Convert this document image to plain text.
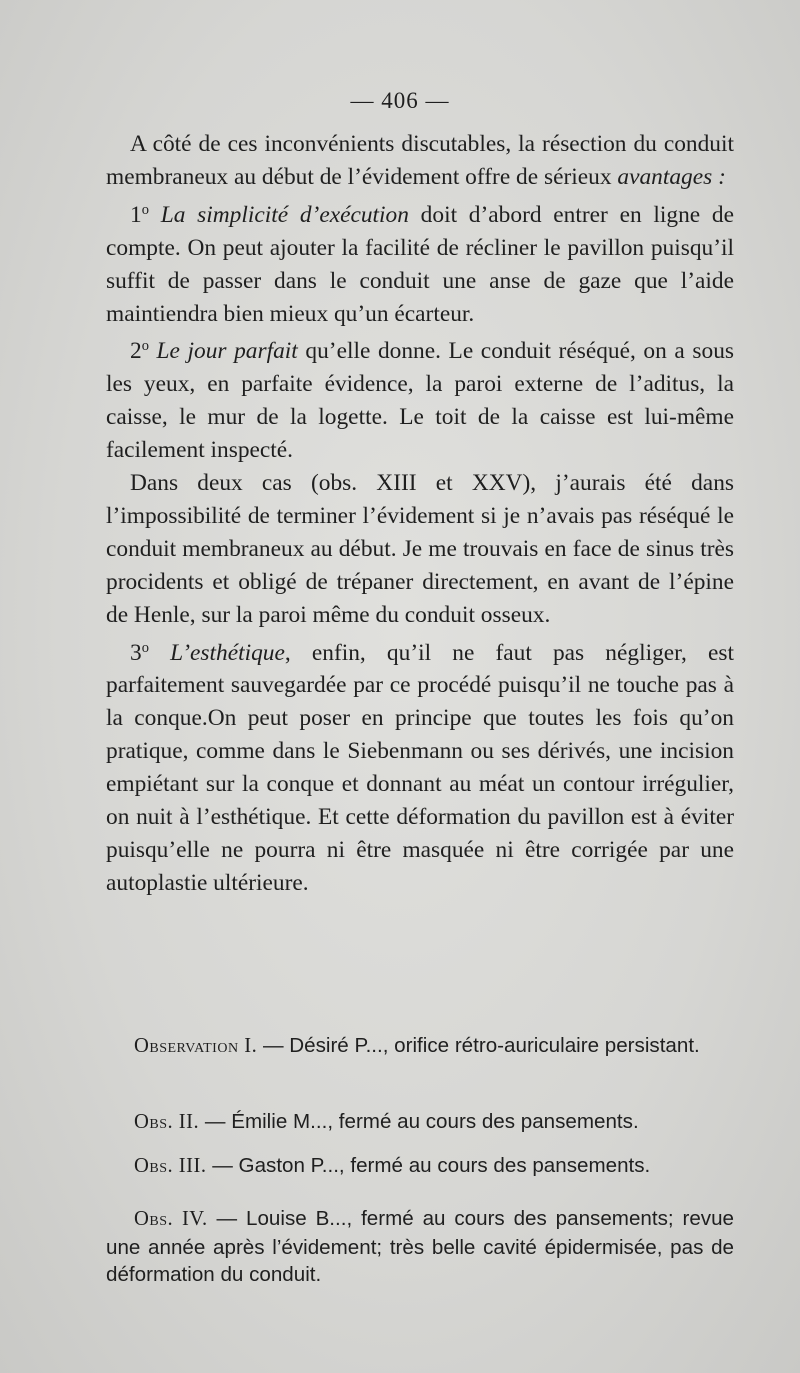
— 406 —

A côté de ces inconvénients discutables, la résection du conduit membraneux au début de l’évidement offre de sérieux avantages :

1$^o$ La simplicité d’exécution doit d’abord entrer en ligne de compte. On peut ajouter la facilité de récliner le pavillon puisqu’il suffit de passer dans le conduit une anse de gaze que l’aide maintiendra bien mieux qu’un écarteur.

2$^o$ Le jour parfait qu’elle donne. Le conduit réséqué, on a sous les yeux, en parfaite évidence, la paroi externe de l’aditus, la caisse, le mur de la logette. Le toit de la caisse est lui-même facilement inspecté.

Dans deux cas (obs. XIII et XXV), j’aurais été dans l’impossibilité de terminer l’évidement si je n’avais pas réséqué le conduit membraneux au début. Je me trouvais en face de sinus très procidents et obligé de trépaner directement, en avant de l’épine de Henle, sur la paroi même du conduit osseux.

3$^o$ L’esthétique, enfin, qu’il ne faut pas négliger, est parfaitement sauvegardée par ce procédé puisqu’il ne touche pas à la conque.On peut poser en principe que toutes les fois qu’on pratique, comme dans le Siebenmann ou ses dérivés, une incision empiétant sur la conque et donnant au méat un contour irrégulier, on nuit à l’esthétique. Et cette déformation du pavillon est à éviter puisqu’elle ne pourra ni être masquée ni être corrigée par une autoplastie ultérieure.

Observation I. — Désiré P..., orifice rétro-auriculaire persistant.

Obs. II. — Émilie M..., fermé au cours des pansements.

Obs. III. — Gaston P..., fermé au cours des pansements.

Obs. IV. — Louise B..., fermé au cours des pansements; revue une année après l’évidement; très belle cavité épidermisée, pas de déformation du conduit.
